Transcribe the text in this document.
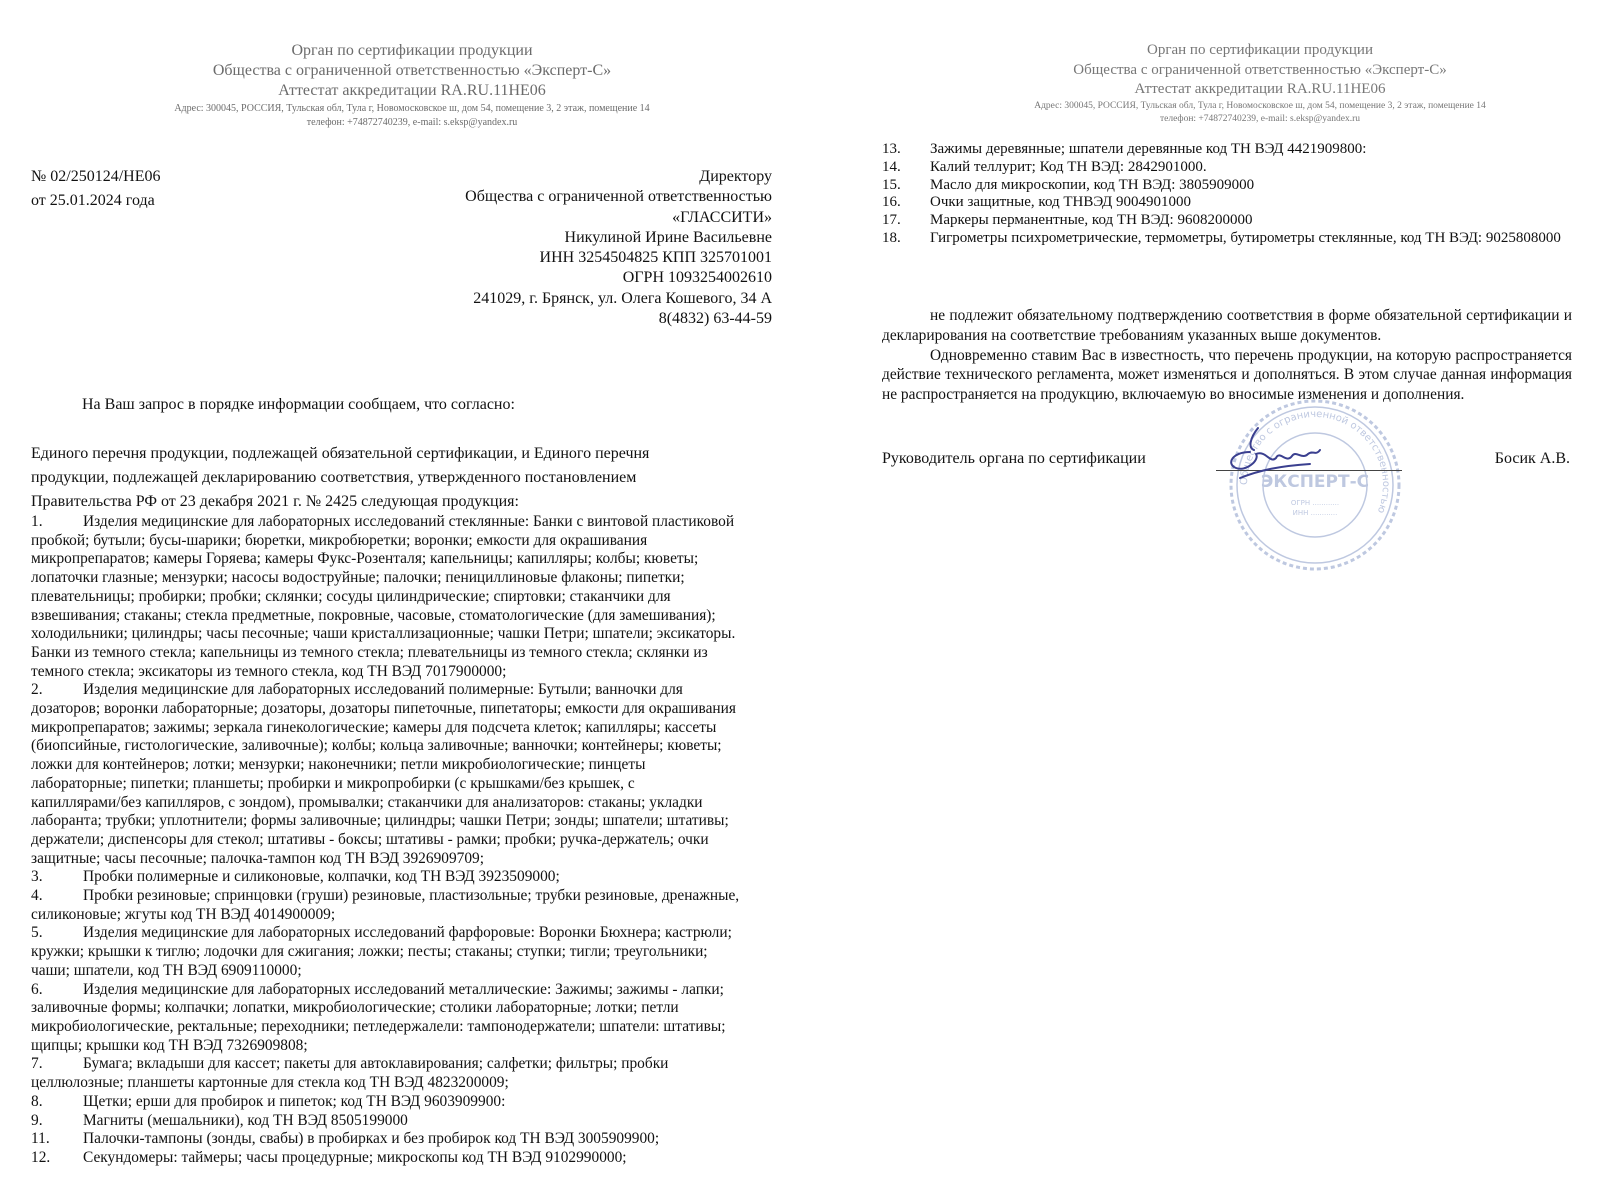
Орган по сертификации продукции
Общества с ограниченной ответственностью «Эксперт-С»
Аттестат аккредитации RA.RU.11НЕ06
Адрес: 300045, РОССИЯ, Тульская обл, Тула г, Новомосковское ш, дом 54, помещение 3, 2 этаж, помещение 14
телефон: +74872740239, e-mail: s.eksp@yandex.ru
№ 02/250124/НЕ06
от 25.01.2024 года
Директору
Общества с ограниченной ответственностью
«ГЛАССИТИ»
Никулиной Ирине Васильевне
ИНН 3254504825 КПП 325701001
ОГРН 1093254002610
241029, г. Брянск, ул. Олега Кошевого, 34 А
8(4832) 63-44-59
На Ваш запрос в порядке информации сообщаем, что согласно:
Единого перечня продукции, подлежащей обязательной сертификации, и Единого перечня
продукции, подлежащей декларированию соответствия, утвержденного постановлением
Правительства РФ от 23 декабря 2021 г. № 2425 следующая продукция:
1.	Изделия медицинские для лабораторных исследований стеклянные: Банки с винтовой пластиковой
пробкой; бутыли; бусы-шарики; бюретки, микробюретки; воронки; емкости для окрашивания
микропрепаратов; камеры Горяева; камеры Фукс-Розенталя; капельницы; капилляры; колбы; кюветы;
лопаточки глазные; мензурки; насосы водоструйные; палочки; пенициллиновые флаконы; пипетки;
плевательницы; пробирки; пробки; склянки; сосуды цилиндрические; спиртовки; стаканчики для
взвешивания; стаканы; стекла предметные, покровные, часовые, стоматологические (для замешивания);
холодильники; цилиндры; часы песочные; чаши кристаллизационные; чашки Петри; шпатели; эксикаторы.
Банки из темного стекла; капельницы из темного стекла; плевательницы из темного стекла; склянки из
темного стекла; эксикаторы из темного стекла, код ТН ВЭД 7017900000;
2.	Изделия медицинские для лабораторных исследований полимерные: Бутыли; ванночки для
дозаторов; воронки лабораторные; дозаторы, дозаторы пипеточные, пипетаторы; емкости для окрашивания
микропрепаратов; зажимы; зеркала гинекологические; камеры для подсчета клеток; капилляры; кассеты
(биопсийные, гистологические, заливочные); колбы; кольца заливочные; ванночки; контейнеры; кюветы;
ложки для контейнеров; лотки; мензурки; наконечники; петли микробиологические; пинцеты
лабораторные; пипетки; планшеты; пробирки и микропробирки (с крышками/без крышек, с
капиллярами/без капилляров, с зондом), промывалки; стаканчики для анализаторов: стаканы; укладки
лаборанта; трубки; уплотнители; формы заливочные; цилиндры; чашки Петри; зонды; шпатели; штативы;
держатели; диспенсоры для стекол; штативы - боксы; штативы - рамки; пробки; ручка-держатель; очки
защитные; часы песочные; палочка-тампон код ТН ВЭД 3926909709;
3.	Пробки полимерные и силиконовые, колпачки, код ТН ВЭД 3923509000;
4.	Пробки резиновые; спринцовки (груши) резиновые, пластизольные; трубки резиновые, дренажные,
силиконовые; жгуты код ТН ВЭД 4014900009;
5.	Изделия медицинские для лабораторных исследований фарфоровые: Воронки Бюхнера; кастрюли;
кружки; крышки к тиглю; лодочки для сжигания; ложки; песты; стаканы; ступки; тигли; треугольники;
чаши; шпатели, код ТН ВЭД 6909110000;
6.	Изделия медицинские для лабораторных исследований металлические: Зажимы; зажимы - лапки;
заливочные формы; колпачки; лопатки, микробиологические; столики лабораторные; лотки; петли
микробиологические, ректальные; переходники; петледержалели: тампонодержатели; шпатели: штативы;
щипцы; крышки код ТН ВЭД 7326909808;
7.	Бумага; вкладыши для кассет; пакеты для автоклавирования; салфетки; фильтры; пробки
целлюлозные; планшеты картонные для стекла код ТН ВЭД 4823200009;
8.	Щетки; ерши для пробирок и пипеток; код ТН ВЭД 9603909900:
9.	Магниты (мешальники), код ТН ВЭД 8505199000
11. Палочки-тампоны (зонды, свабы) в пробирках и без пробирок код ТН ВЭД 3005909900;
12. Секундомеры: таймеры; часы процедурные; микроскопы код ТН ВЭД 9102990000;
Орган по сертификации продукции
Общества с ограниченной ответственностью «Эксперт-С»
Аттестат аккредитации RA.RU.11НЕ06
Адрес: 300045, РОССИЯ, Тульская обл, Тула г, Новомосковское ш, дом 54, помещение 3, 2 этаж, помещение 14
телефон: +74872740239, e-mail: s.eksp@yandex.ru
13. Зажимы деревянные; шпатели деревянные код ТН ВЭД 4421909800:
14. Калий теллурит; Код ТН ВЭД: 2842901000.
15. Масло для микроскопии, код ТН ВЭД: 3805909000
16. Очки защитные, код ТНВЭД 9004901000
17. Маркеры перманентные, код ТН ВЭД: 9608200000
18. Гигрометры психрометрические, термометры, бутирометры стеклянные, код ТН ВЭД: 9025808000

не подлежит обязательному подтверждению соответствия в форме обязательной сертификации и декларирования на соответствие требованиям указанных выше документов.

Одновременно ставим Вас в известность, что перечень продукции, на которую распространяется действие технического регламента, может изменяться и дополняться. В этом случае данная информация не распространяется на продукцию, включаемую во вносимые изменения и дополнения.

Общество с ограниченной ответственностью
ЭКСПЕРТ-С
ОГРН ............
ИНН ............
Руководитель органа по сертификации	Босик А.В.
